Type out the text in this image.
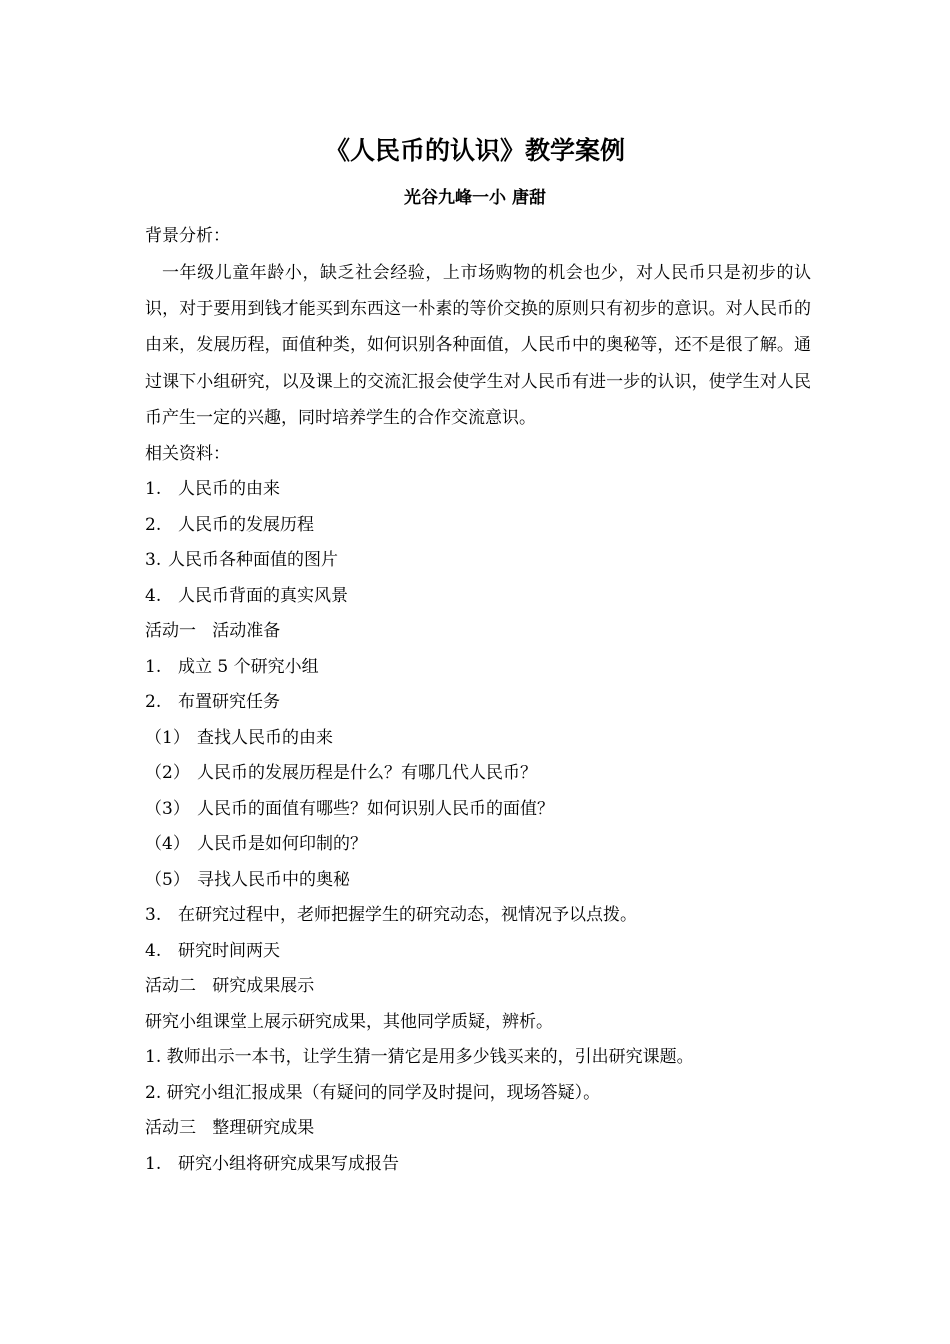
《人民币的认识》教学案例
光谷九峰一小 唐甜
背景分析：

一年级儿童年龄小，缺乏社会经验，上市场购物的机会也少，对人民币只是初步的认识，对于要用到钱才能买到东西这一朴素的等价交换的原则只有初步的意识。对人民币的由来，发展历程，面值种类，如何识别各种面值，人民币中的奥秘等，还不是很了解。通过课下小组研究，以及课上的交流汇报会使学生对人民币有进一步的认识，使学生对人民币产生一定的兴趣，同时培养学生的合作交流意识。

相关资料：
1. 人民币的由来
2. 人民币的发展历程
3. 人民币各种面值的图片
4. 人民币背面的真实风景
活动一   活动准备
1. 成立 5 个研究小组
2. 布置研究任务
（1） 查找人民币的由来
（2） 人民币的发展历程是什么？有哪几代人民币？
（3） 人民币的面值有哪些？如何识别人民币的面值？
（4） 人民币是如何印制的？
（5） 寻找人民币中的奥秘
3. 在研究过程中，老师把握学生的研究动态，视情况予以点拨。
4. 研究时间两天
活动二   研究成果展示
研究小组课堂上展示研究成果，其他同学质疑，辨析。
1. 教师出示一本书，让学生猜一猜它是用多少钱买来的，引出研究课题。
2. 研究小组汇报成果（有疑问的同学及时提问，现场答疑）。
活动三   整理研究成果
1. 研究小组将研究成果写成报告
